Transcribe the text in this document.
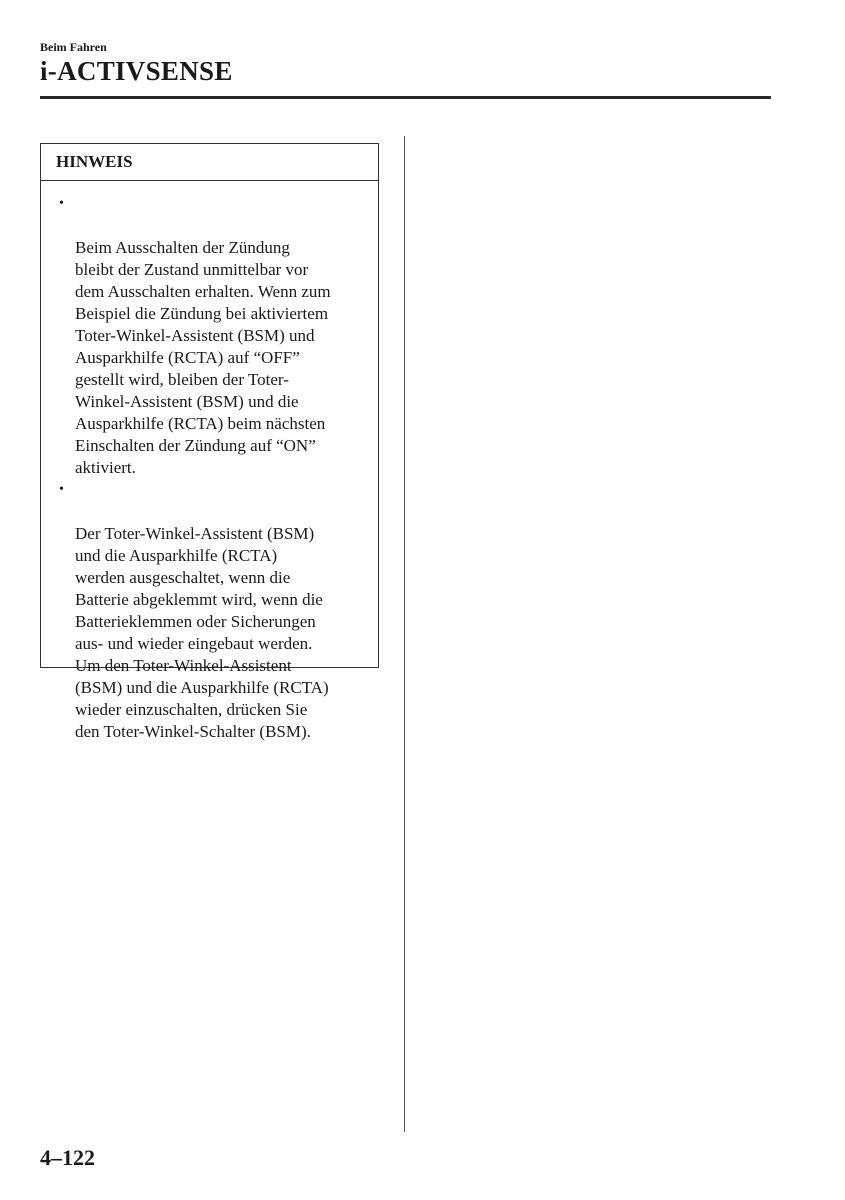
Beim Fahren
i-ACTIVSENSE
HINWEIS

•

Beim Ausschalten der Zündung
bleibt der Zustand unmittelbar vor
dem Ausschalten erhalten. Wenn zum
Beispiel die Zündung bei aktiviertem
Toter-Winkel-Assistent (BSM) und
Ausparkhilfe (RCTA) auf “OFF”
gestellt wird, bleiben der Toter-
Winkel-Assistent (BSM) und die
Ausparkhilfe (RCTA) beim nächsten
Einschalten der Zündung auf “ON”
aktiviert.

•

Der Toter-Winkel-Assistent (BSM)
und die Ausparkhilfe (RCTA)
werden ausgeschaltet, wenn die
Batterie abgeklemmt wird, wenn die
Batterieklemmen oder Sicherungen
aus- und wieder eingebaut werden.
Um den Toter-Winkel-Assistent
(BSM) und die Ausparkhilfe (RCTA)
wieder einzuschalten, drücken Sie
den Toter-Winkel-Schalter (BSM).

4–122
